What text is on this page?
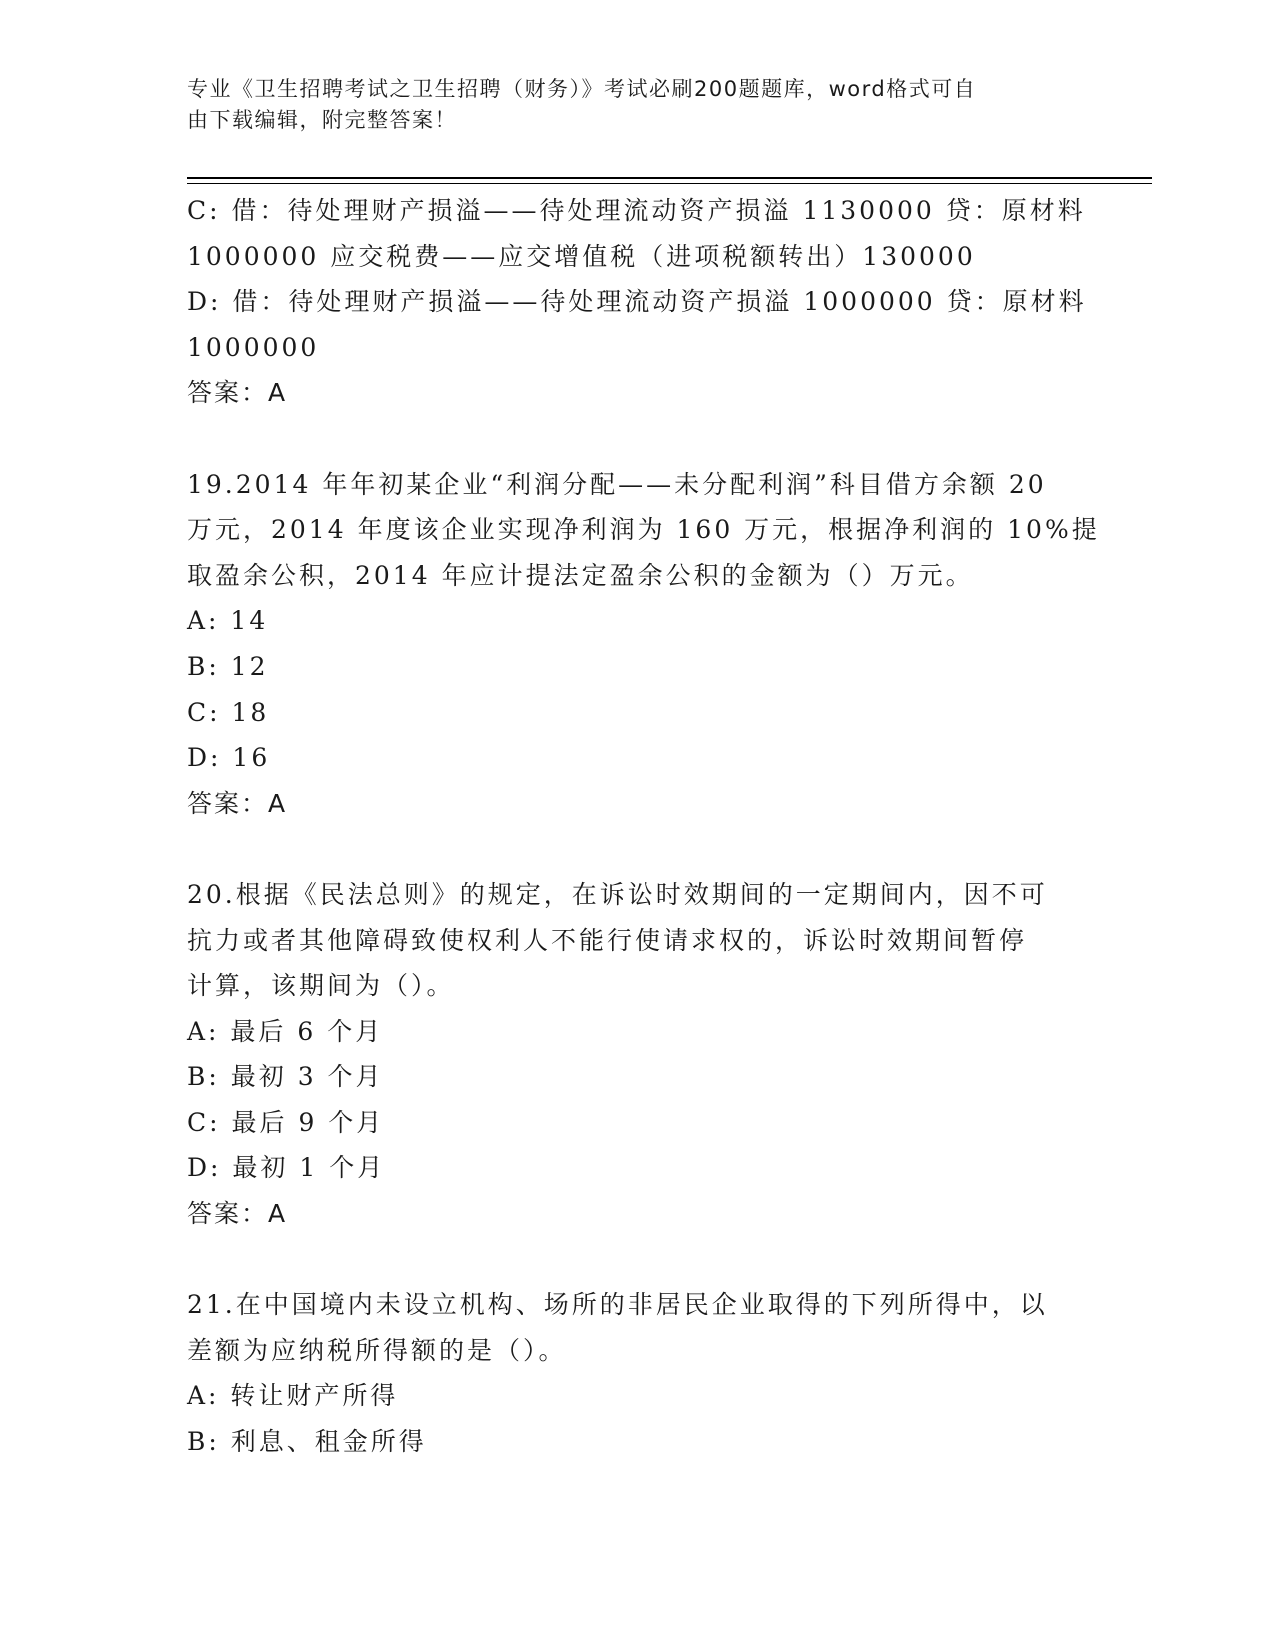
专业《卫生招聘考试之卫生招聘（财务）》考试必刷200题题库，word格式可自
由下载编辑，附完整答案！
C: 借：待处理财产损溢——待处理流动资产损溢 1130000 贷：原材料
1000000 应交税费——应交增值税（进项税额转出）130000
D: 借：待处理财产损溢——待处理流动资产损溢 1000000 贷：原材料
1000000
答案：A
19.2014 年年初某企业“利润分配——未分配利润”科目借方余额 20
万元，2014 年度该企业实现净利润为 160 万元，根据净利润的 10%提
取盈余公积，2014 年应计提法定盈余公积的金额为（）万元。
A: 14
B: 12
C: 18
D: 16
答案：A
20.根据《民法总则》的规定，在诉讼时效期间的一定期间内，因不可
抗力或者其他障碍致使权利人不能行使请求权的，诉讼时效期间暂停
计算，该期间为（）。
A: 最后 6 个月
B: 最初 3 个月
C: 最后 9 个月
D: 最初 1 个月
答案：A
21.在中国境内未设立机构、场所的非居民企业取得的下列所得中，以
差额为应纳税所得额的是（）。
A: 转让财产所得
B: 利息、租金所得
